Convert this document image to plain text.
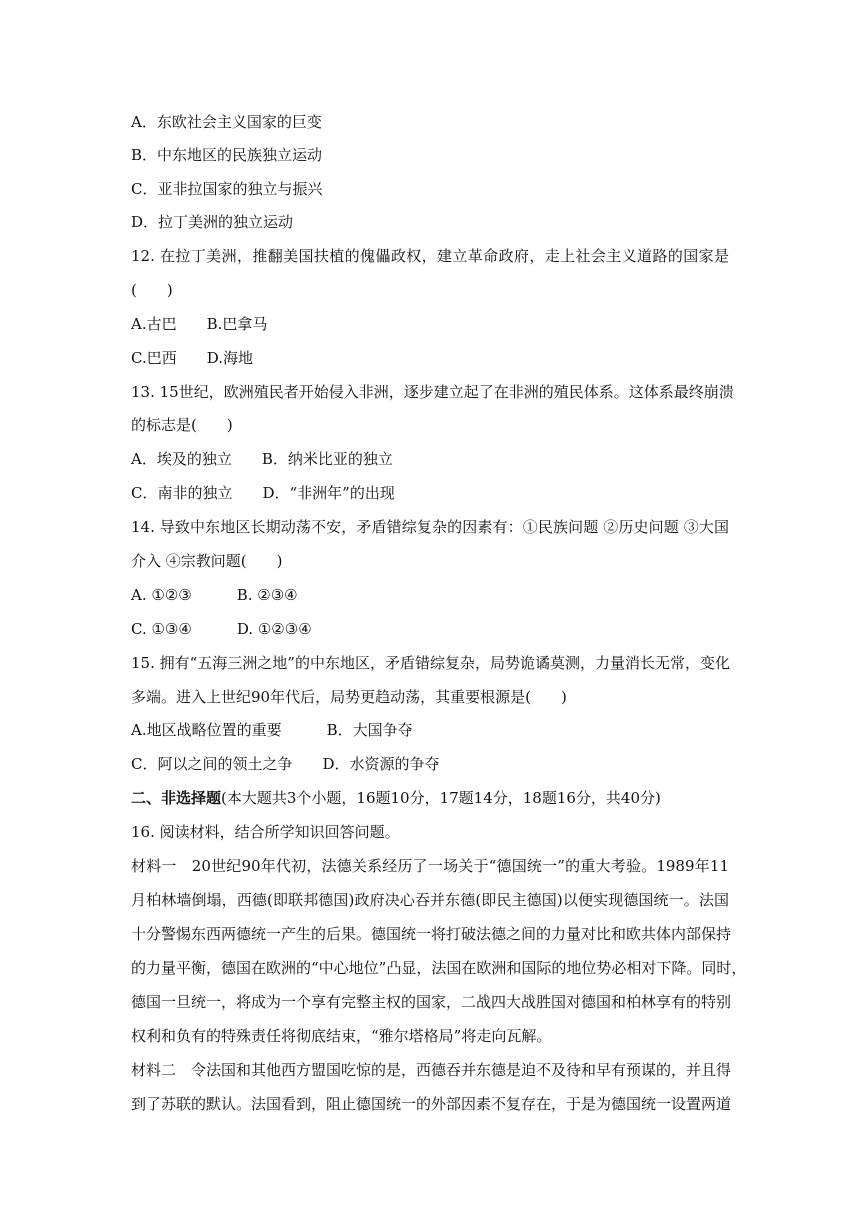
A．东欧社会主义国家的巨变
B．中东地区的民族独立运动
C．亚非拉国家的独立与振兴
D．拉丁美洲的独立运动
12. 在拉丁美洲，推翻美国扶植的傀儡政权，建立革命政府，走上社会主义道路的国家是
(　　)
A.古巴　　B.巴拿马
C.巴西　　D.海地
13. 15世纪，欧洲殖民者开始侵入非洲，逐步建立起了在非洲的殖民体系。这体系最终崩溃
的标志是(　　)
A．埃及的独立　　B．纳米比亚的独立
C．南非的独立　　D．“非洲年”的出现
14. 导致中东地区长期动荡不安，矛盾错综复杂的因素有：①民族问题 ②历史问题 ③大国
介入 ④宗教问题(　　)
A. ①②③　　　B. ②③④
C. ①③④　　　D. ①②③④
15. 拥有“五海三洲之地”的中东地区，矛盾错综复杂，局势诡谲莫测，力量消长无常，变化
多端。进入上世纪90年代后，局势更趋动荡，其重要根源是(　　)
A.地区战略位置的重要　　　B．大国争夺
C．阿以之间的领土之争　　D．水资源的争夺
二、非选择题(本大题共3个小题，16题10分，17题14分，18题16分，共40分)
16. 阅读材料，结合所学知识回答问题。
材料一　20世纪90年代初，法德关系经历了一场关于“德国统一”的重大考验。1989年11
月柏林墙倒塌，西德(即联邦德国)政府决心吞并东德(即民主德国)以便实现德国统一。法国
十分警惕东西两德统一产生的后果。德国统一将打破法德之间的力量对比和欧共体内部保持
的力量平衡，德国在欧洲的“中心地位”凸显，法国在欧洲和国际的地位势必相对下降。同时，
德国一旦统一，将成为一个享有完整主权的国家，二战四大战胜国对德国和柏林享有的特别
权利和负有的特殊责任将彻底结束，“雅尔塔格局”将走向瓦解。
材料二　令法国和其他西方盟国吃惊的是，西德吞并东德是迫不及待和早有预谋的，并且得
到了苏联的默认。法国看到，阻止德国统一的外部因素不复存在，于是为德国统一设置两道
